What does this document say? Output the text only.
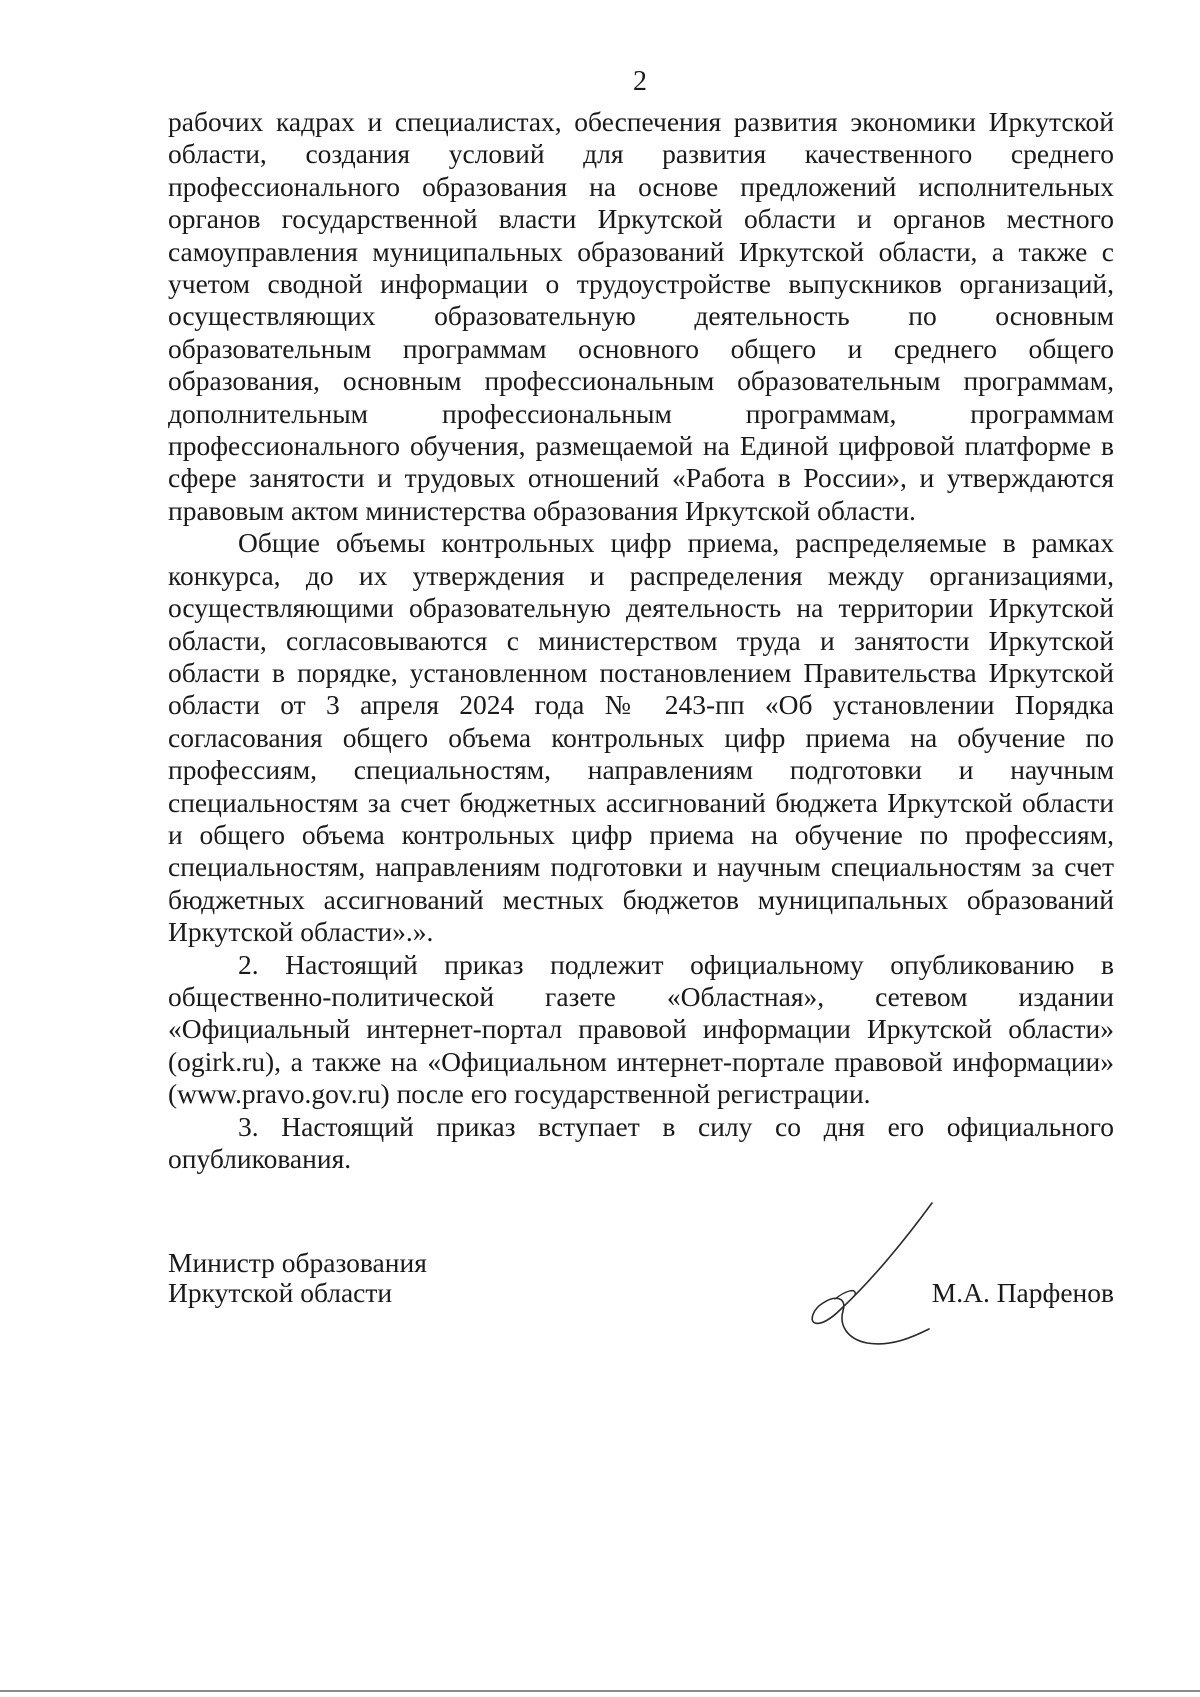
2

рабочих кадрах и специалистах, обеспечения развития экономики Иркутской области, создания условий для развития качественного среднего профессионального образования на основе предложений исполнительных органов государственной власти Иркутской области и органов местного самоуправления муниципальных образований Иркутской области, а также с учетом сводной информации о трудоустройстве выпускников организаций, осуществляющих образовательную деятельность по основным образовательным программам основного общего и среднего общего образования, основным профессиональным образовательным программам, дополнительным профессиональным программам, программам профессионального обучения, размещаемой на Единой цифровой платформе в сфере занятости и трудовых отношений «Работа в России», и утверждаются правовым актом министерства образования Иркутской области.

Общие объемы контрольных цифр приема, распределяемые в рамках конкурса, до их утверждения и распределения между организациями, осуществляющими образовательную деятельность на территории Иркутской области, согласовываются с министерством труда и занятости Иркутской области в порядке, установленном постановлением Правительства Иркутской области от 3 апреля 2024 года № 243-пп «Об установлении Порядка согласования общего объема контрольных цифр приема на обучение по профессиям, специальностям, направлениям подготовки и научным специальностям за счет бюджетных ассигнований бюджета Иркутской области и общего объема контрольных цифр приема на обучение по профессиям, специальностям, направлениям подготовки и научным специальностям за счет бюджетных ассигнований местных бюджетов муниципальных образований Иркутской области».».

2. Настоящий приказ подлежит официальному опубликованию в общественно-политической газете «Областная», сетевом издании «Официальный интернет-портал правовой информации Иркутской области» (ogirk.ru), а также на «Официальном интернет-портале правовой информации» (www.pravo.gov.ru) после его государственной регистрации.

3. Настоящий приказ вступает в силу со дня его официального опубликования.

Министр образования
Иркутской области	М.А. Парфенов
